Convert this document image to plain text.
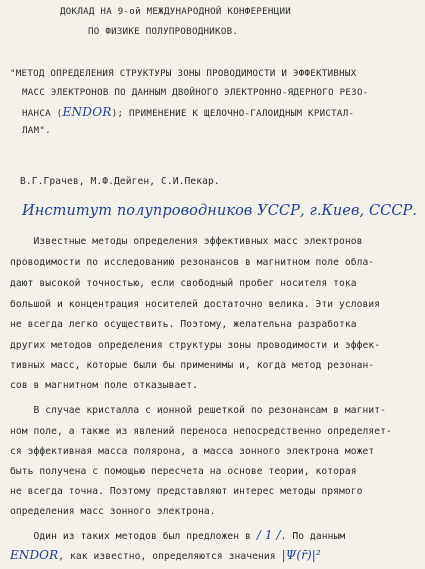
ДОКЛАД НА 9-ой МЕЖДУНАРОДНОЙ КОНФЕРЕНЦИИ
ПО ФИЗИКЕ ПОЛУПРОВОДНИКОВ.
"МЕТОД ОПРЕДЕЛЕНИЯ СТРУКТУРЫ ЗОНЫ ПРОВОДИМОСТИ И ЭФФЕКТИВНЫХ
МАСС ЭЛЕКТРОНОВ ПО ДАННЫМ ДВОЙНОГО ЭЛЕКТРОННО-ЯДЕРНОГО РЕЗО-
НАНСА (ENDOR); ПРИМЕНЕНИЕ К ЩЕЛОЧНО-ГАЛОИДНЫМ КРИСТАЛ-
ЛАМ".
В.Г.Грачев, М.Ф.Дейген, С.И.Пекар.
Институт полупроводников УССР, г.Киев, СССР.
Известные методы определения эффективных масс электронов
проводимости по исследованию резонансов в магнитном поле обла-
дают высокой точностью, если свободный пробег носителя тока
большой и концентрация носителей достаточно велика. Эти условия
не всегда легко осуществить. Поэтому, желательна разработка
других методов определения структуры зоны проводимости и эффек-
тивных масс, которые были бы применимы и, когда метод резонан-
сов в магнитном поле отказывает.
В случае кристалла с ионной решеткой по резонансам в магнит-
ном поле, а также из явлений переноса непосредственно определяет-
ся эффективная масса полярона, а масса зонного электрона может
быть получена с помощью пересчета на основе теории, которая
не всегда точна. Поэтому представляют интерес методы прямого
определения масс зонного электрона.
Один из таких методов был предложен в / 1 /. По данным
ENDOR, как известно, определяются значения |Ψ(r̄)|²
